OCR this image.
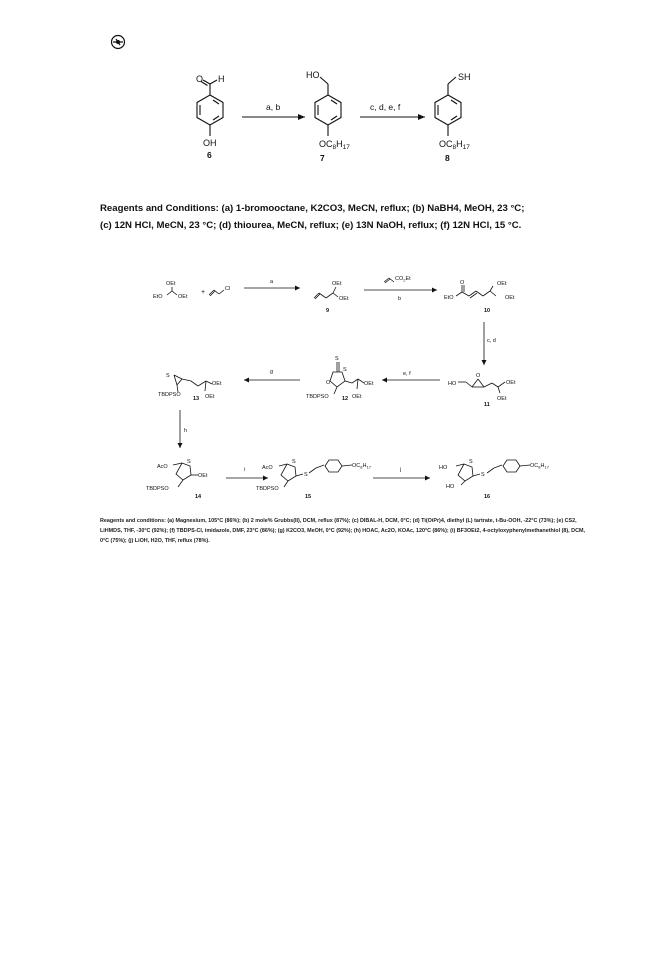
O H
OH
6
a, b
HO
$OC_8H_{17}$
7
c, d, e, f
SH
$OC_8H_{17}$
8
OEt
EtO	OEt
+	Cl
a	OEt
OEt
9
b
$CO_2Et$
O
EtO
OEt
OEt
10
c, d
HO
O
OEt
OEt
11
e, f
S
O
S
TBDPSO
OEt
OEt
12
g
S
TBDPSO
OEt
OEt
13
h
AcO
S
OEt
TBDPSO
14
i	AcO
S
S
$OC_8H_{17}$
TBDPSO
15
j	HO
S
S
$OC_8H_{17}$
HO
16
Reagents and Conditions: (a) 1-bromooctane, K2CO3, MeCN, reflux; (b) NaBH4, MeOH, 23 °C;
(c) 12N HCl, MeCN, 23 °C; (d) thiourea, MeCN, reflux; (e) 13N NaOH, reflux; (f) 12N HCl, 15 °C.
Reagents and conditions: (a) Magnesium, 105°C (86%); (b) 2 mole% Grubbs(II), DCM, reflux (87%); (c) DIBAL-H, DCM, 0°C; (d) Ti(OiPr)4, diethyl (L) tartrate, t-Bu-OOH, -22°C (73%); (e) CS2, LiHMDS, THF, -30°C (92%); (f) TBDPS-Cl, imidazole, DMF, 23°C (86%); (g) K2CO3, MeOH, 0°C (92%); (h) HOAC, Ac2O, KOAc, 120°C (86%); (i) BF3OEt2, 4-octyloxyphenylmethanethiol (8), DCM, 0°C (75%); (j) LiOH, H2O, THF, reflux (78%).
